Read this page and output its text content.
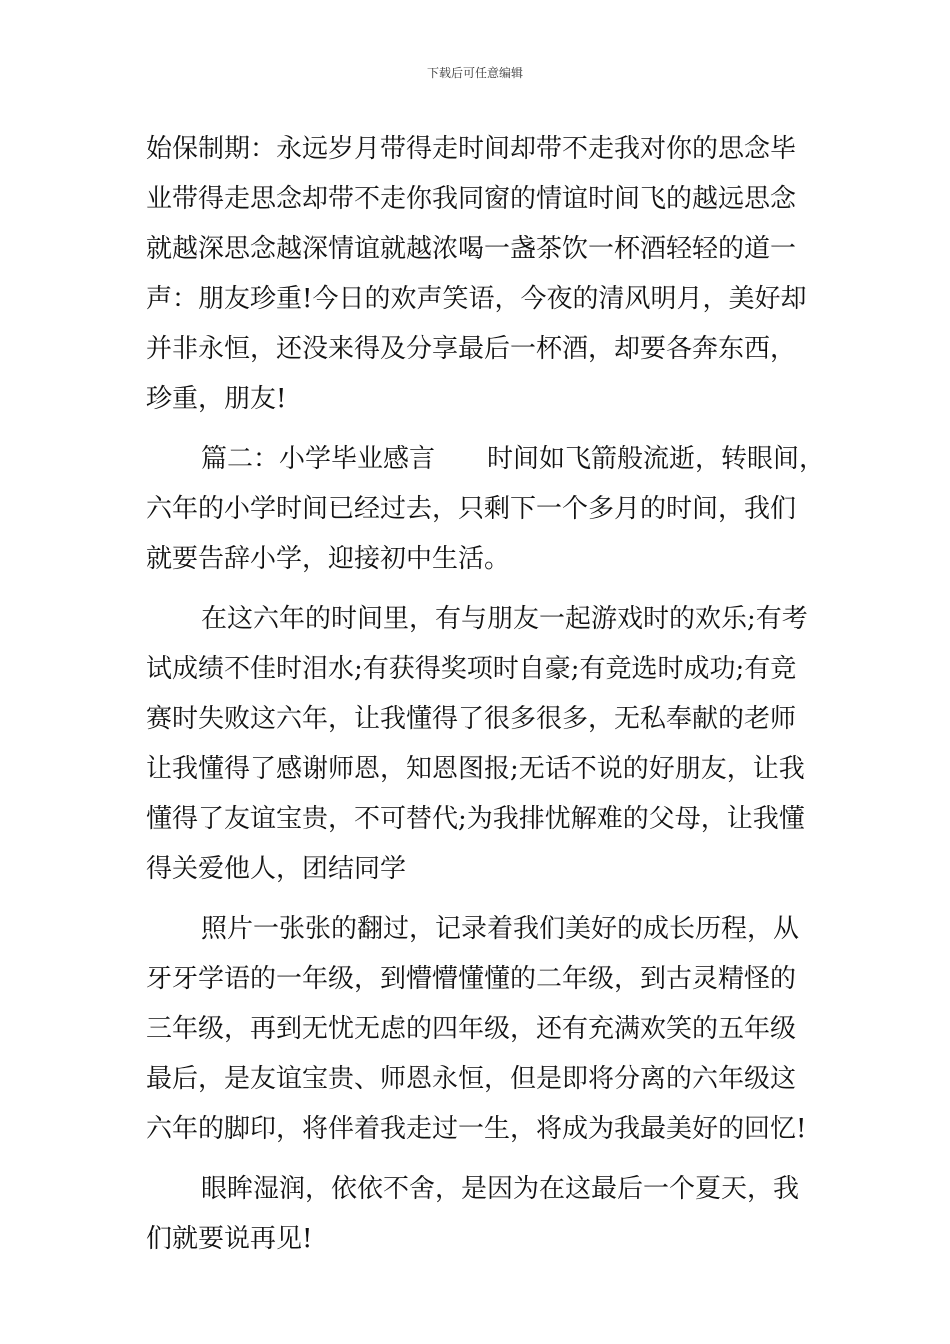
下载后可任意编辑
始保制期：永远岁月带得走时间却带不走我对你的思念毕
业带得走思念却带不走你我同窗的情谊时间飞的越远思念
就越深思念越深情谊就越浓喝一盏茶饮一杯酒轻轻的道一
声：朋友珍重!今日的欢声笑语，今夜的清风明月，美好却
并非永恒，还没来得及分享最后一杯酒，却要各奔东西，
珍重，朋友!
篇二：小学毕业感言　　时间如飞箭般流逝，转眼间，
六年的小学时间已经过去，只剩下一个多月的时间，我们
就要告辞小学，迎接初中生活。
在这六年的时间里，有与朋友一起游戏时的欢乐;有考
试成绩不佳时泪水;有获得奖项时自豪;有竞选时成功;有竞
赛时失败这六年，让我懂得了很多很多，无私奉献的老师
让我懂得了感谢师恩，知恩图报;无话不说的好朋友，让我
懂得了友谊宝贵，不可替代;为我排忧解难的父母，让我懂
得关爱他人，团结同学
照片一张张的翻过，记录着我们美好的成长历程，从
牙牙学语的一年级，到懵懵懂懂的二年级，到古灵精怪的
三年级，再到无忧无虑的四年级，还有充满欢笑的五年级
最后，是友谊宝贵、师恩永恒，但是即将分离的六年级这
六年的脚印，将伴着我走过一生，将成为我最美好的回忆!
眼眸湿润，依依不舍，是因为在这最后一个夏天，我
们就要说再见!
